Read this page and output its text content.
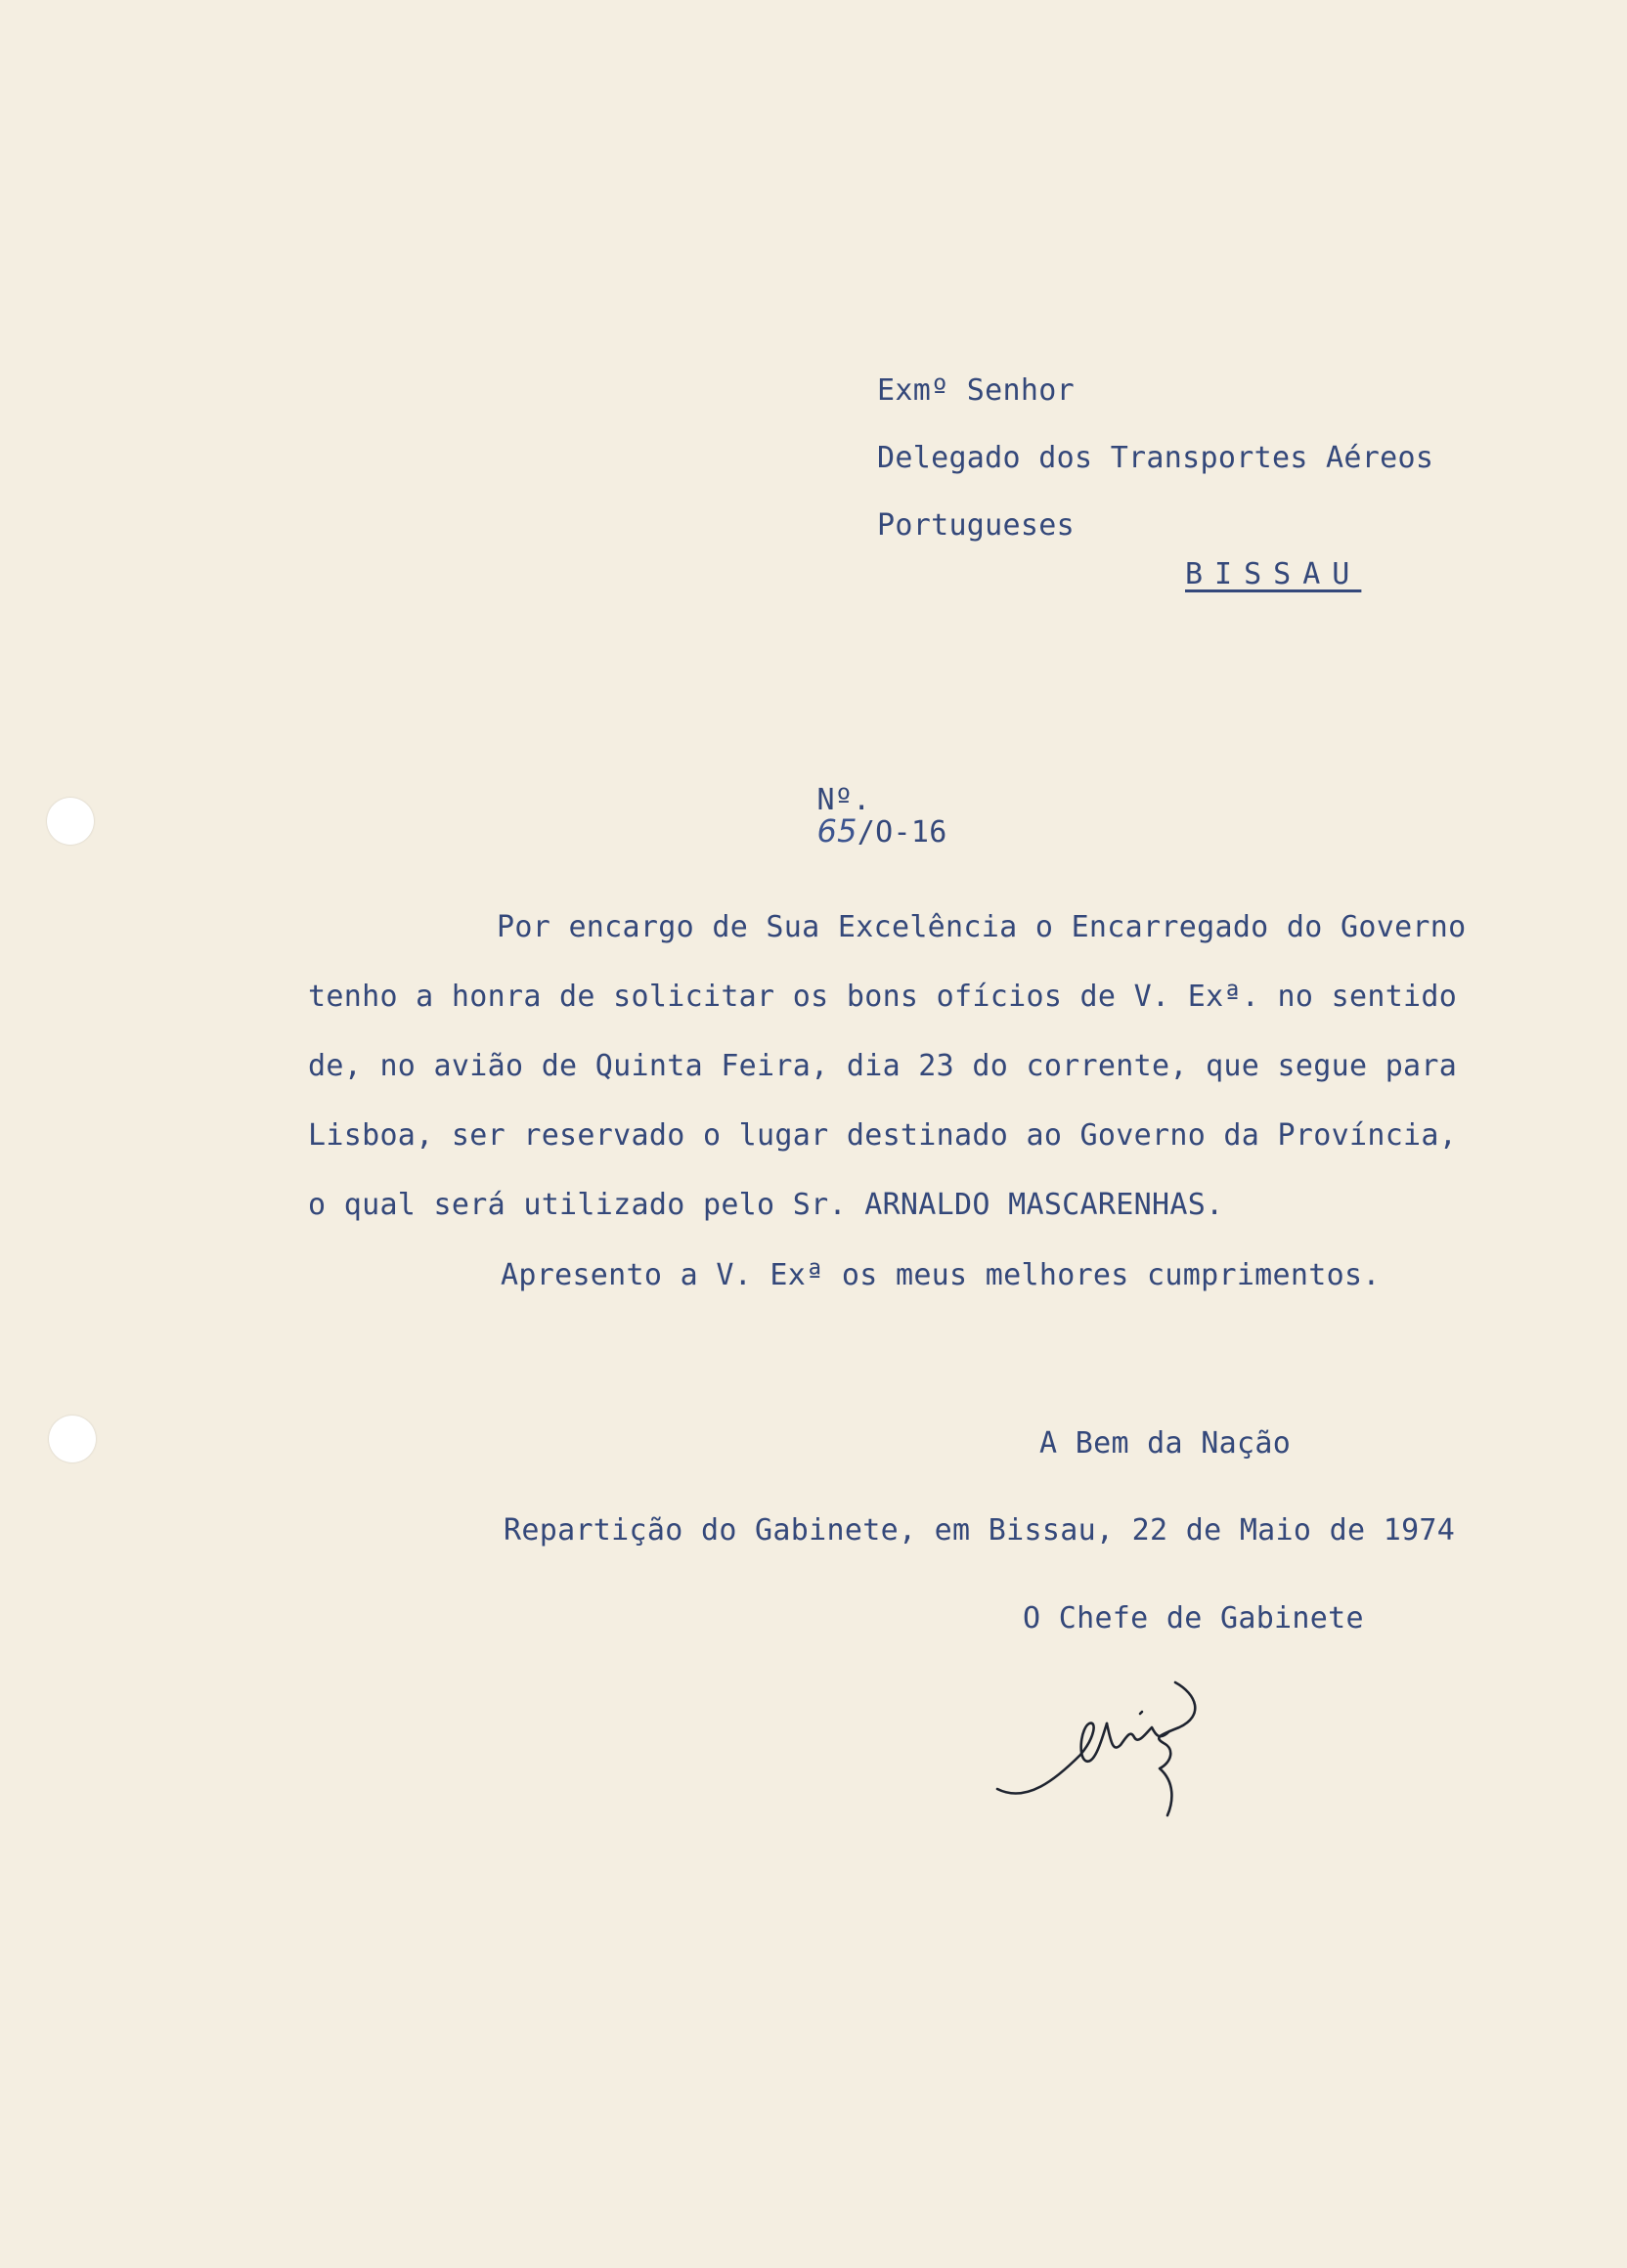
Exmº Senhor
Delegado dos Transportes Aéreos
Portugueses
BISSAU

Nº.
65/O-16

Por encargo de Sua Excelência o Encarregado do Governo
tenho a honra de solicitar os bons ofícios de V. Exª. no sentido
de, no avião de Quinta Feira, dia 23 do corrente, que segue para
Lisboa, ser reservado o lugar destinado ao Governo da Província,
o qual será utilizado pelo Sr. ARNALDO MASCARENHAS.
Apresento a V. Exª os meus melhores cumprimentos.
A Bem da Nação
Repartição do Gabinete, em Bissau, 22 de Maio de 1974
O Chefe de Gabinete
